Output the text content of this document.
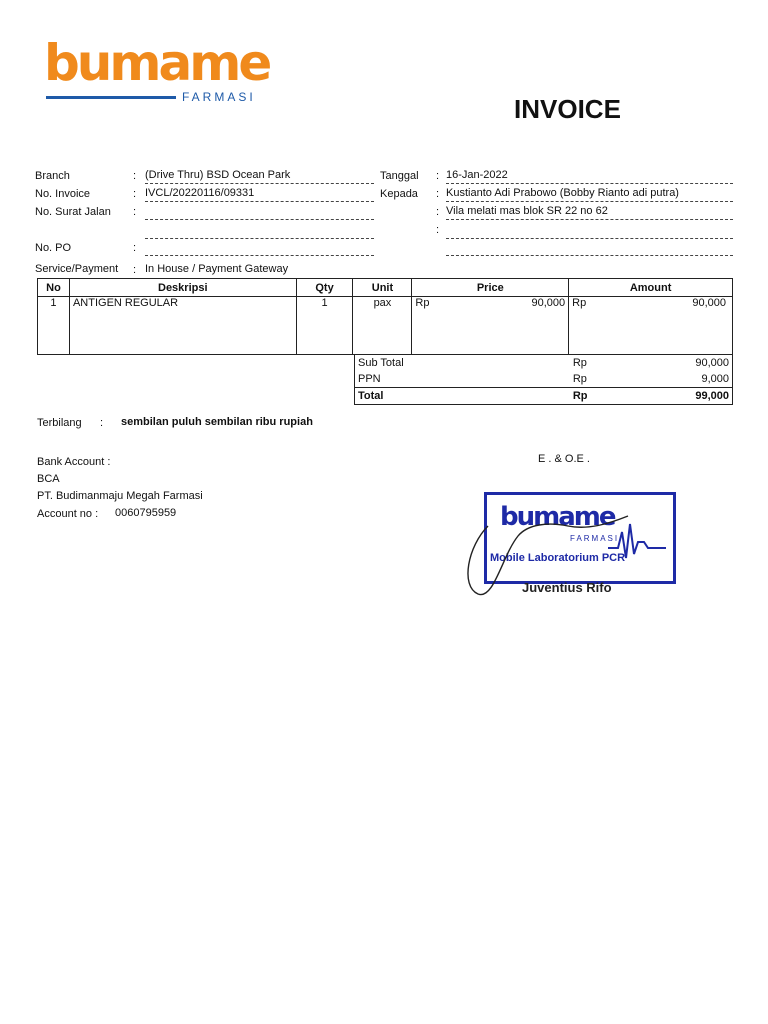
bumame
FARMASI	INVOICE
Branch	: (Drive Thru) BSD Ocean Park
No. Invoice	: IVCL/20220116/09331
No. Surat Jalan :
No. PO	:
Service/Payment : In House / Payment Gateway
Tanggal : 16-Jan-2022
Kepada : Kustianto Adi Prabowo (Bobby Rianto adi putra)
: Vila melati mas blok SR 22 no 62
:
No	Deskripsi	Qty	Unit	Price	Amount
1	ANTIGEN REGULAR	1	pax	Rp 90,000	Rp 90,000
Sub Total	Rp 90,000

PPN	Rp 9,000

Total	Rp 99,000
Terbilang : sembilan puluh sembilan ribu rupiah
Bank Account :
BCA
PT. Budimanmaju Megah Farmasi
Account no : 0060795959
E . & O.E .
bumame
FARMASI
Mobile Laboratorium PCR
Juventius Rifo
